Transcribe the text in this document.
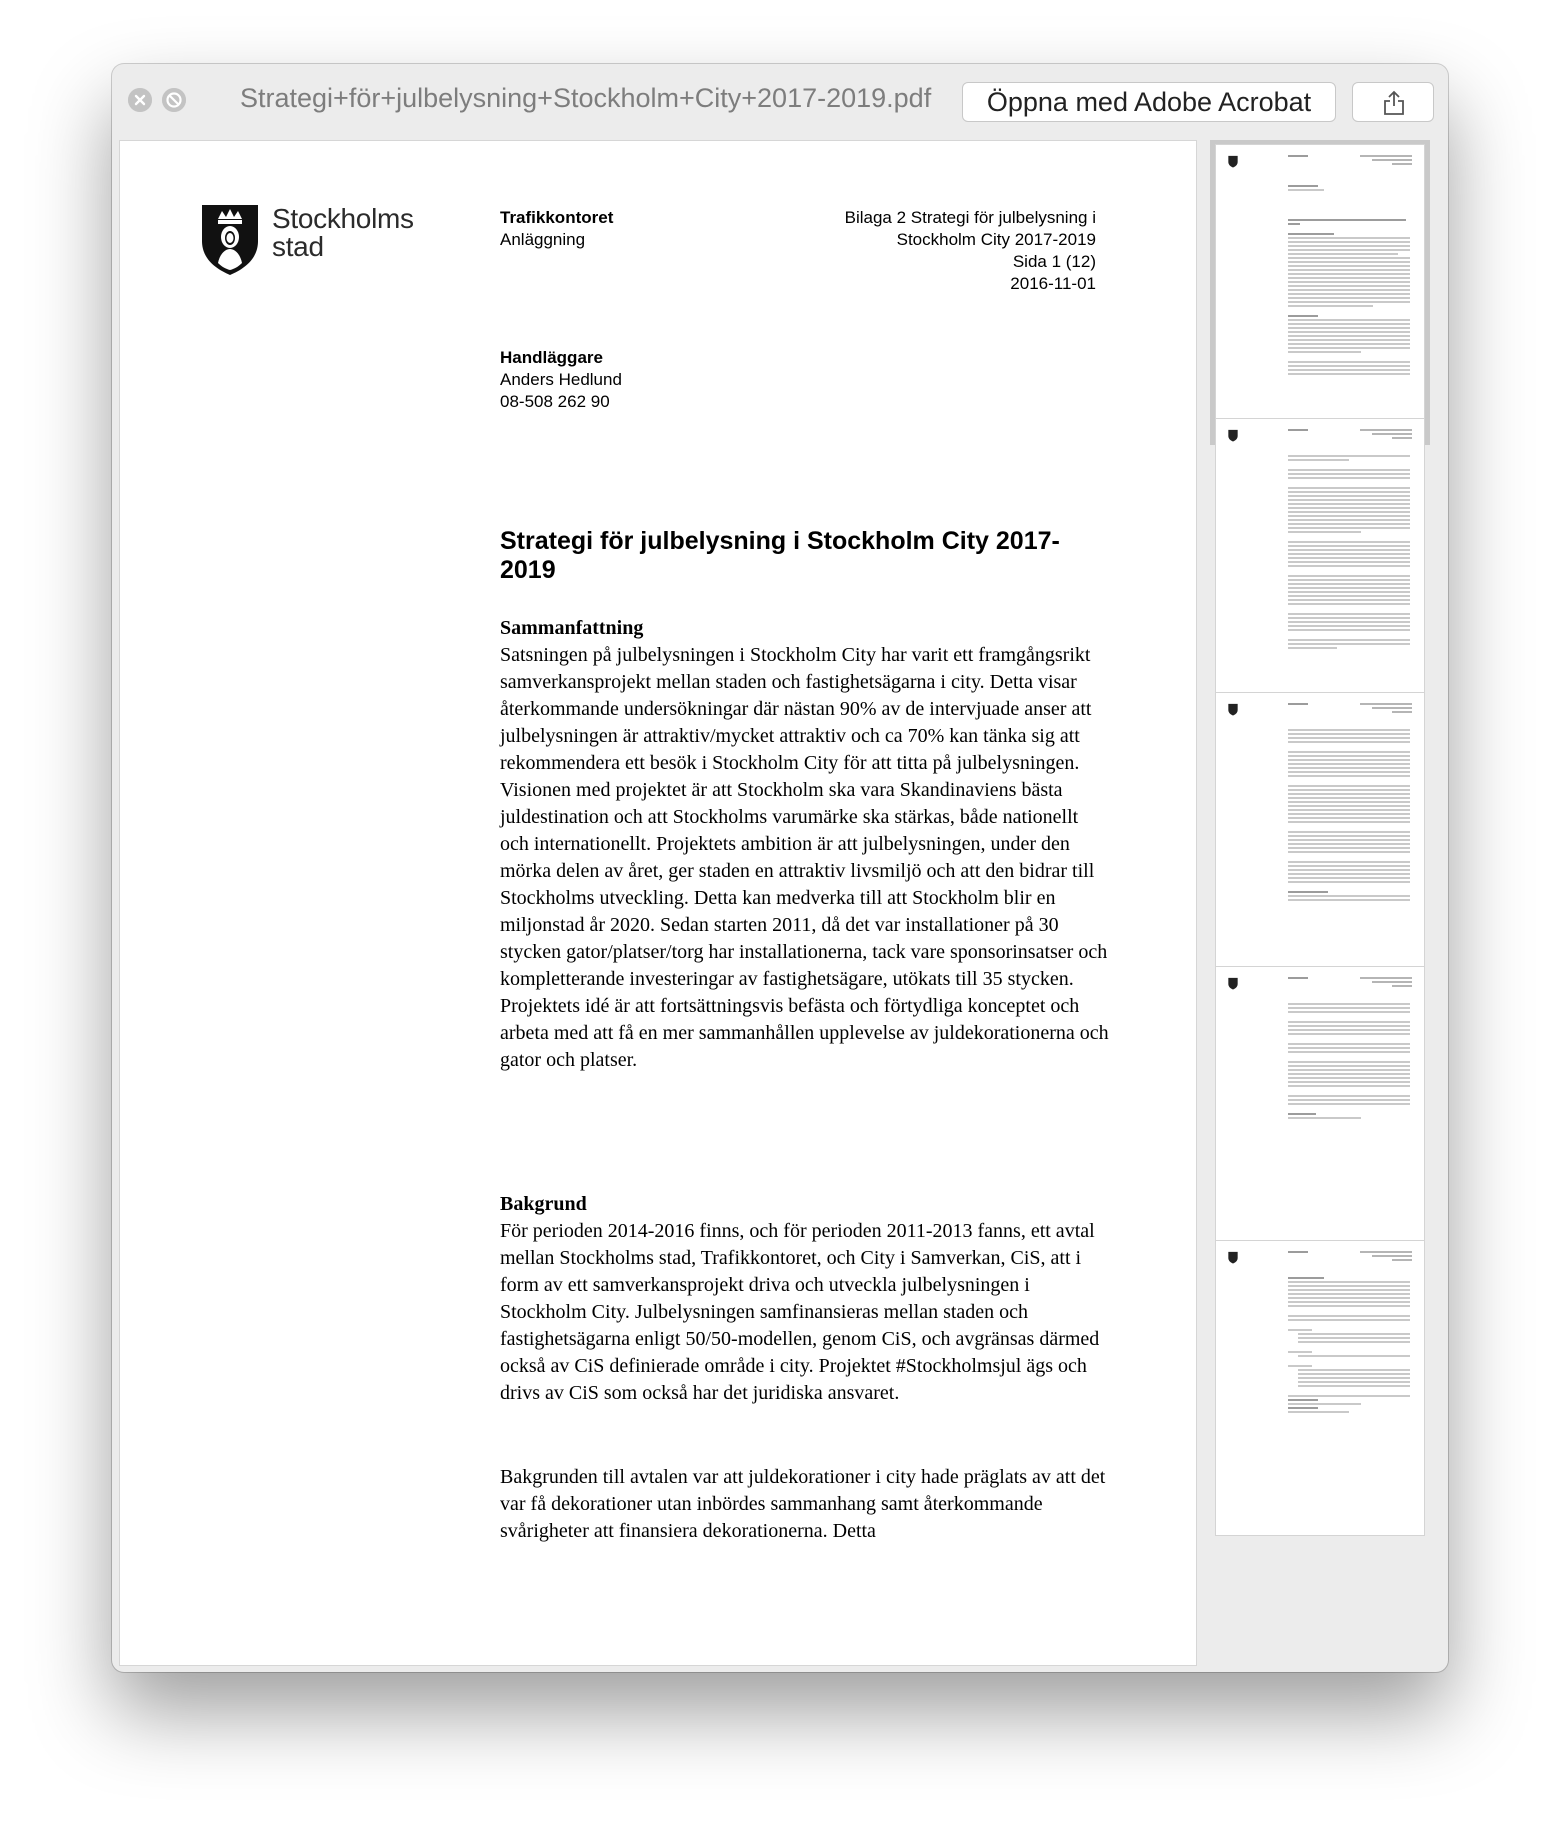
Strategi+för+julbelysning+Stockholm+City+2017-2019.pdf	Öppna med Adobe Acrobat
Stockholms
stad
Trafikkontoret
Anläggning
Bilaga 2 Strategi för julbelysning i
Stockholm City 2017-2019
Sida 1 (12)
2016-11-01
Handläggare
Anders Hedlund
08-508 262 90
Strategi för julbelysning i Stockholm City 2017-2019
Sammanfattning

Satsningen på julbelysningen i Stockholm City har varit ett framgångsrikt samverkansprojekt mellan staden och fastighetsägarna i city. Detta visar återkommande undersökningar där nästan 90% av de intervjuade anser att julbelysningen är attraktiv/mycket attraktiv och ca 70% kan tänka sig att rekommendera ett besök i Stockholm City för att titta på julbelysningen.

Visionen med projektet är att Stockholm ska vara Skandinaviens bästa juldestination och att Stockholms varumärke ska stärkas, både nationellt och internationellt. Projektets ambition är att julbelysningen, under den mörka delen av året, ger staden en attraktiv livsmiljö och att den bidrar till Stockholms utveckling. Detta kan medverka till att Stockholm blir en miljonstad år 2020. Sedan starten 2011, då det var installationer på 30 stycken gator/platser/torg har installationerna, tack vare sponsorinsatser och kompletterande investeringar av fastighetsägare, utökats till 35 stycken. Projektets idé är att fortsättningsvis befästa och förtydliga konceptet och arbeta med att få en mer sammanhållen upplevelse av juldekorationerna och gator och platser.

Bakgrund

För perioden 2014-2016 finns, och för perioden 2011-2013 fanns, ett avtal mellan Stockholms stad, Trafikkontoret, och City i Samverkan, CiS, att i form av ett samverkansprojekt driva och utveckla julbelysningen i Stockholm City. Julbelysningen samfinansieras mellan staden och fastighetsägarna enligt 50/50-modellen, genom CiS, och avgränsas därmed också av CiS definierade område i city. Projektet #Stockholmsjul ägs och drivs av CiS som också har det juridiska ansvaret.

Bakgrunden till avtalen var att juldekorationer i city hade präglats av att det var få dekorationer utan inbördes sammanhang samt återkommande svårigheter att finansiera dekorationerna. Detta
